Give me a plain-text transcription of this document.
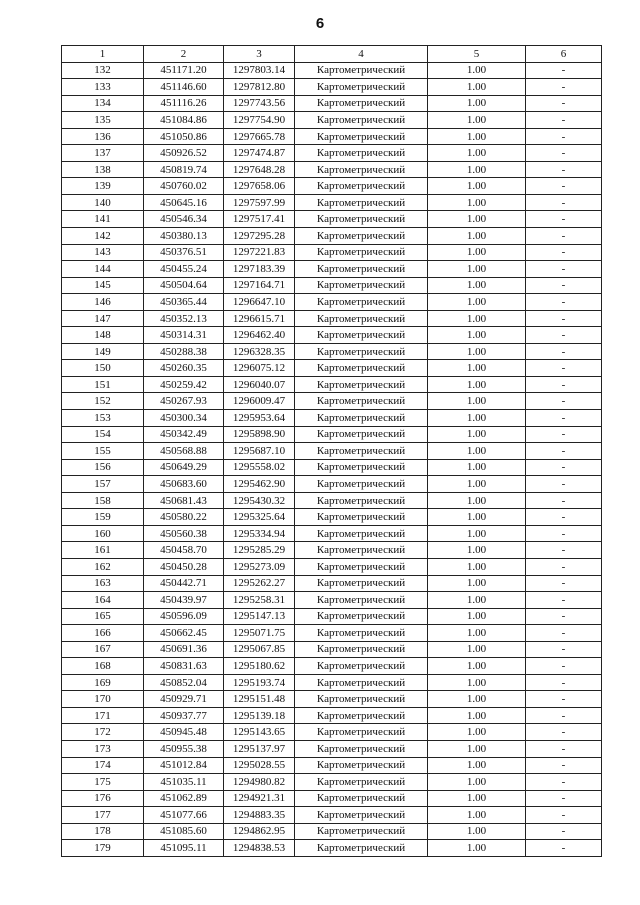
6
1	2	3	4	5	6
132	451171.20	1297803.14	Картометрический	1.00	-
133	451146.60	1297812.80	Картометрический	1.00	-
134	451116.26	1297743.56	Картометрический	1.00	-
135	451084.86	1297754.90	Картометрический	1.00	-
136	451050.86	1297665.78	Картометрический	1.00	-
137	450926.52	1297474.87	Картометрический	1.00	-
138	450819.74	1297648.28	Картометрический	1.00	-
139	450760.02	1297658.06	Картометрический	1.00	-
140	450645.16	1297597.99	Картометрический	1.00	-
141	450546.34	1297517.41	Картометрический	1.00	-
142	450380.13	1297295.28	Картометрический	1.00	-
143	450376.51	1297221.83	Картометрический	1.00	-
144	450455.24	1297183.39	Картометрический	1.00	-
145	450504.64	1297164.71	Картометрический	1.00	-
146	450365.44	1296647.10	Картометрический	1.00	-
147	450352.13	1296615.71	Картометрический	1.00	-
148	450314.31	1296462.40	Картометрический	1.00	-
149	450288.38	1296328.35	Картометрический	1.00	-
150	450260.35	1296075.12	Картометрический	1.00	-
151	450259.42	1296040.07	Картометрический	1.00	-
152	450267.93	1296009.47	Картометрический	1.00	-
153	450300.34	1295953.64	Картометрический	1.00	-
154	450342.49	1295898.90	Картометрический	1.00	-
155	450568.88	1295687.10	Картометрический	1.00	-
156	450649.29	1295558.02	Картометрический	1.00	-
157	450683.60	1295462.90	Картометрический	1.00	-
158	450681.43	1295430.32	Картометрический	1.00	-
159	450580.22	1295325.64	Картометрический	1.00	-
160	450560.38	1295334.94	Картометрический	1.00	-
161	450458.70	1295285.29	Картометрический	1.00	-
162	450450.28	1295273.09	Картометрический	1.00	-
163	450442.71	1295262.27	Картометрический	1.00	-
164	450439.97	1295258.31	Картометрический	1.00	-
165	450596.09	1295147.13	Картометрический	1.00	-
166	450662.45	1295071.75	Картометрический	1.00	-
167	450691.36	1295067.85	Картометрический	1.00	-
168	450831.63	1295180.62	Картометрический	1.00	-
169	450852.04	1295193.74	Картометрический	1.00	-
170	450929.71	1295151.48	Картометрический	1.00	-
171	450937.77	1295139.18	Картометрический	1.00	-
172	450945.48	1295143.65	Картометрический	1.00	-
173	450955.38	1295137.97	Картометрический	1.00	-
174	451012.84	1295028.55	Картометрический	1.00	-
175	451035.11	1294980.82	Картометрический	1.00	-
176	451062.89	1294921.31	Картометрический	1.00	-
177	451077.66	1294883.35	Картометрический	1.00	-
178	451085.60	1294862.95	Картометрический	1.00	-
179	451095.11	1294838.53	Картометрический	1.00	-
